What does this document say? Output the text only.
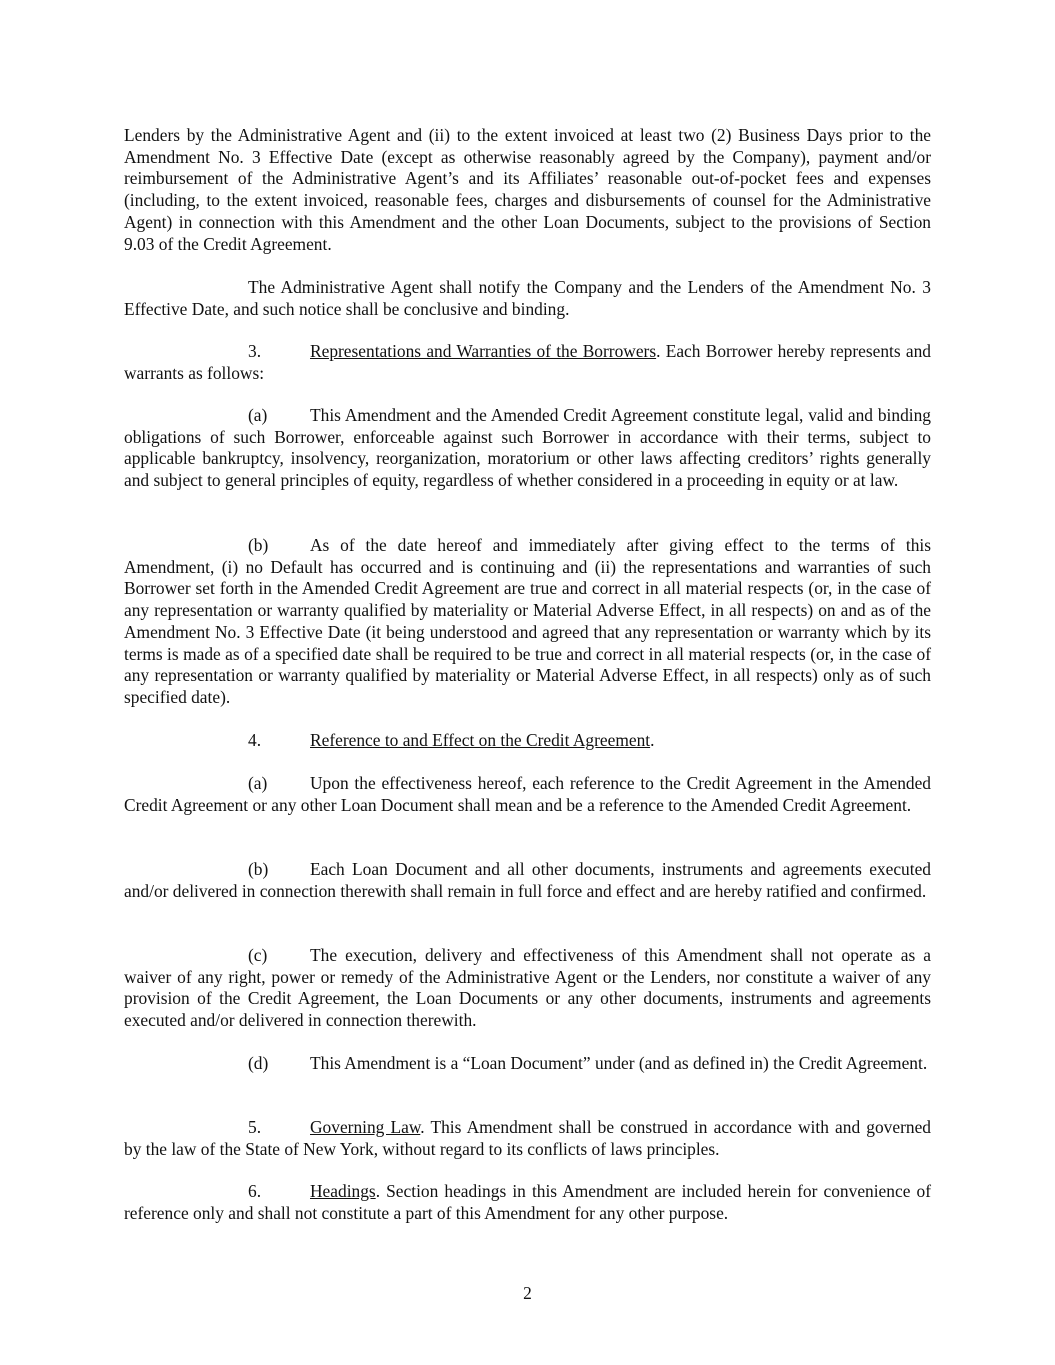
Lenders by the Administrative Agent and (ii) to the extent invoiced at least two (2) Business Days prior to the Amendment No. 3 Effective Date (except as otherwise reasonably agreed by the Company), payment and/or reimbursement of the Administrative Agent’s and its Affiliates’ reasonable out-of-pocket fees and expenses (including, to the extent invoiced, reasonable fees, charges and disbursements of counsel for the Administrative Agent) in connection with this Amendment and the other Loan Documents, subject to the provisions of Section 9.03 of the Credit Agreement.

The Administrative Agent shall notify the Company and the Lenders of the Amendment No. 3 Effective Date, and such notice shall be conclusive and binding.

3.	Representations and Warranties of the Borrowers. Each Borrower hereby represents and warrants as follows:

(a) This Amendment and the Amended Credit Agreement constitute legal, valid and binding obligations of such Borrower, enforceable against such Borrower in accordance with their terms, subject to applicable bankruptcy, insolvency, reorganization, moratorium or other laws affecting creditors’ rights generally and subject to general principles of equity, regardless of whether considered in a proceeding in equity or at law.

(b) As of the date hereof and immediately after giving effect to the terms of this Amendment, (i) no Default has occurred and is continuing and (ii) the representations and warranties of such Borrower set forth in the Amended Credit Agreement are true and correct in all material respects (or, in the case of any representation or warranty qualified by materiality or Material Adverse Effect, in all respects) on and as of the Amendment No. 3 Effective Date (it being understood and agreed that any representation or warranty which by its terms is made as of a specified date shall be required to be true and correct in all material respects (or, in the case of any representation or warranty qualified by materiality or Material Adverse Effect, in all respects) only as of such specified date).

4.	Reference to and Effect on the Credit Agreement.

(a) Upon the effectiveness hereof, each reference to the Credit Agreement in the Amended Credit Agreement or any other Loan Document shall mean and be a reference to the Amended Credit Agreement.

(b) Each Loan Document and all other documents, instruments and agreements executed and/or delivered in connection therewith shall remain in full force and effect and are hereby ratified and confirmed.

(c) The execution, delivery and effectiveness of this Amendment shall not operate as a waiver of any right, power or remedy of the Administrative Agent or the Lenders, nor constitute a waiver of any provision of the Credit Agreement, the Loan Documents or any other documents, instruments and agreements executed and/or delivered in connection therewith.

(d) This Amendment is a “Loan Document” under (and as defined in) the Credit Agreement.

5.	Governing Law. This Amendment shall be construed in accordance with and governed by the law of the State of New York, without regard to its conflicts of laws principles.

6.	Headings. Section headings in this Amendment are included herein for convenience of reference only and shall not constitute a part of this Amendment for any other purpose.

2
